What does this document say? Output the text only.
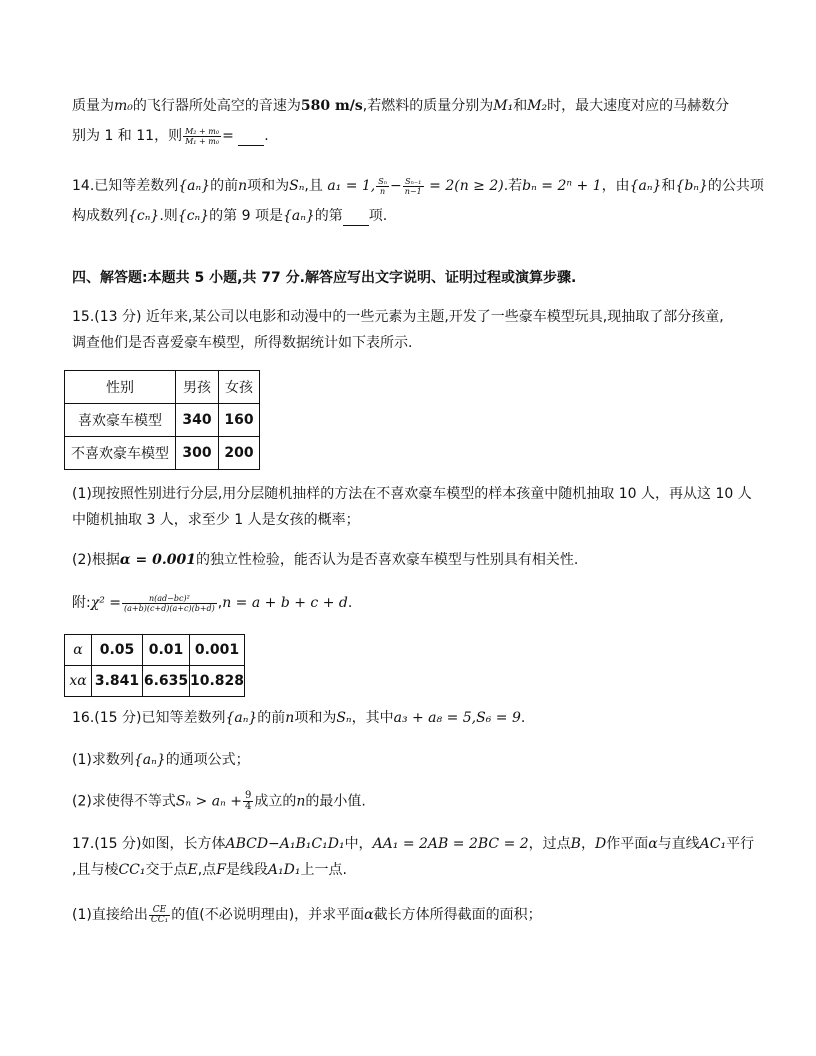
质量为m₀的飞行器所处高空的音速为580 m/s,若燃料的质量分别为M₁和M₂时，最大速度对应的马赫数分
别为 1 和 11，则 $\frac{\text{M₂ + m₀}}{\text{M₁ + m₀}}$ = .
14.已知等差数列{aₙ}的前n项和为Sₙ,且 a₁ = 1, $\frac{\text{Sₙ}}{n} - \frac{\text{Sₙ₋₁}}{n-1} = 2(n \ge 2)$.若bₙ = 2ⁿ + 1，由{aₙ}和{bₙ}的公共项
构成数列{cₙ}.则{cₙ}的第 9 项是{aₙ}的第 项.
四、解答题:本题共 5 小题,共 77 分.解答应写出文字说明、证明过程或演算步骤.
15.(13 分) 近年来,某公司以电影和动漫中的一些元素为主题,开发了一些豪车模型玩具,现抽取了部分孩童,
调查他们是否喜爱豪车模型，所得数据统计如下表所示.
性别	男孩	女孩
喜欢豪车模型	340	160
不喜欢豪车模型	300	200
(1)现按照性别进行分层,用分层随机抽样的方法在不喜欢豪车模型的样本孩童中随机抽取 10 人，再从这 10 人
中随机抽取 3 人，求至少 1 人是女孩的概率；
(2)根据α = 0.001的独立性检验，能否认为是否喜欢豪车模型与性别具有相关性.
附:χ² = $\frac{\text{n(ad−bc)²}}{(a+b)(c+d)(a+c)(b+d)} ,n = a + b + c + d$.
α	0.05	0.01	0.001
xα	3.841	6.635	10.828
16.(15 分)已知等差数列{aₙ}的前n项和为Sₙ，其中a₃ + a₈ = 5,S₆ = 9.
(1)求数列{aₙ}的通项公式；
(2)求使得不等式$S_n > a_n + \frac{9}{4}$ 成立的n的最小值.
17.(15 分)如图，长方体ABCD−A₁B₁C₁D₁中，AA₁ = 2AB = 2BC = 2，过点B，D作平面α与直线AC₁平行
,且与棱CC₁交于点E,点F是线段A₁D₁上一点.
(1)直接给出 $\frac{CE}{\text{CC₁}}$ 的值(不必说明理由)，并求平面α截长方体所得截面的面积；
